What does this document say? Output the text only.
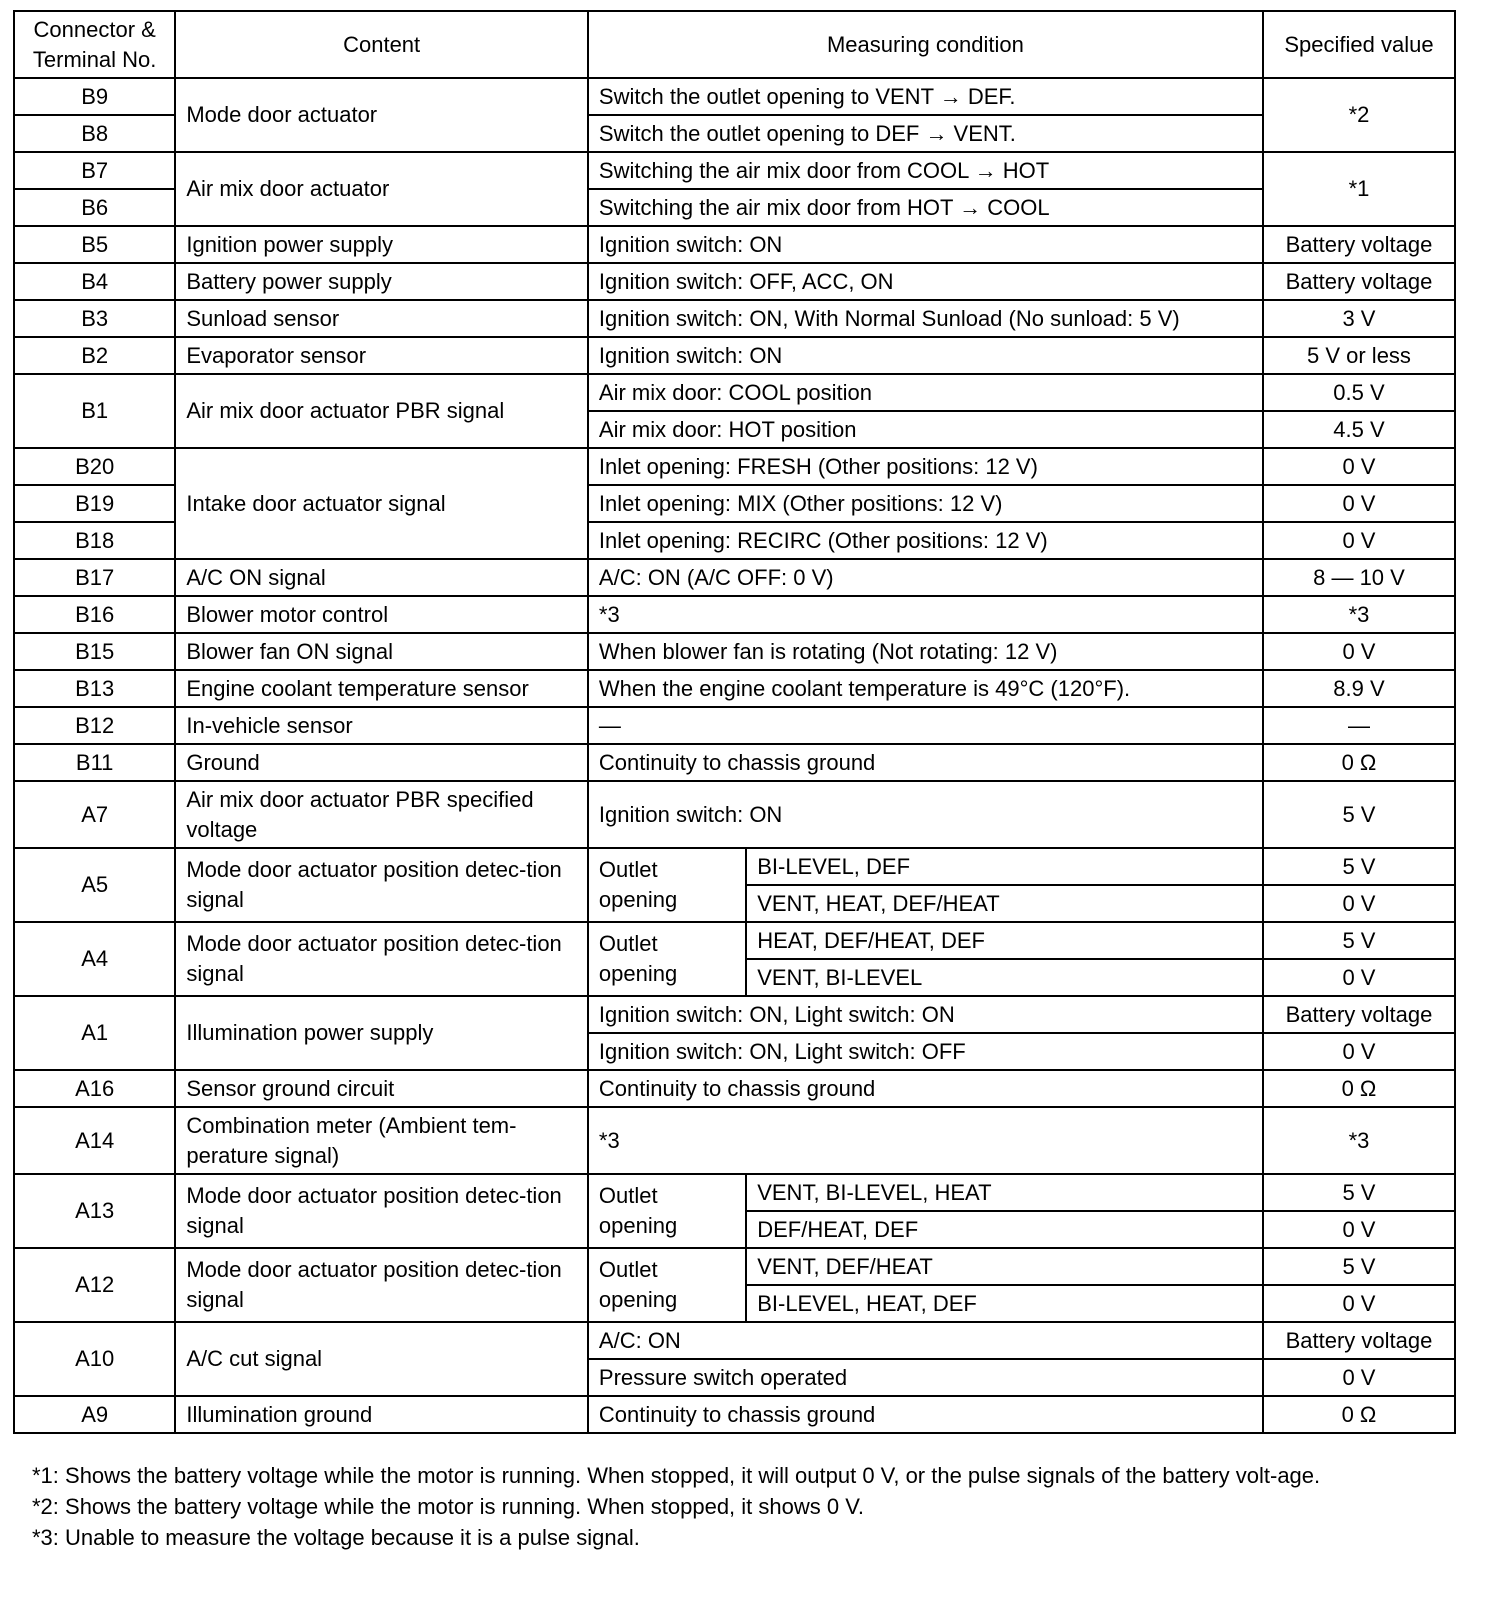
Connector & Terminal No.	Content	Measuring condition		Specified value
B9	Mode door actuator	Switch the outlet opening to VENT → DEF.		*2
B8		Switch the outlet opening to DEF → VENT.		
B7	Air mix door actuator	Switching the air mix door from COOL → HOT		*1
B6		Switching the air mix door from HOT → COOL		
B5	Ignition power supply	Ignition switch: ON		Battery voltage
B4	Battery power supply	Ignition switch: OFF, ACC, ON		Battery voltage
B3	Sunload sensor	Ignition switch: ON, With Normal Sunload (No sunload: 5 V)		3 V
B2	Evaporator sensor	Ignition switch: ON		5 V or less
B1	Air mix door actuator PBR signal	Air mix door: COOL position		0.5 V
		Air mix door: HOT position		4.5 V
B20	Intake door actuator signal	Inlet opening: FRESH (Other positions: 12 V)		0 V
B19		Inlet opening: MIX (Other positions: 12 V)		0 V
B18		Inlet opening: RECIRC (Other positions: 12 V)		0 V
B17	A/C ON signal	A/C: ON (A/C OFF: 0 V)		8 — 10 V
B16	Blower motor control	*3		*3
B15	Blower fan ON signal	When blower fan is rotating (Not rotating: 12 V)		0 V
B13	Engine coolant temperature sensor	When the engine coolant temperature is 49°C (120°F).		8.9 V
B12	In-vehicle sensor	—		—
B11	Ground	Continuity to chassis ground		0 Ω
A7	Air mix door actuator PBR specified voltage	Ignition switch: ON		5 V
A5	Mode door actuator position detec-tion signal	Outlet opening	BI-LEVEL, DEF	5 V
			VENT, HEAT, DEF/HEAT	0 V
A4	Mode door actuator position detec-tion signal	Outlet opening	HEAT, DEF/HEAT, DEF	5 V
			VENT, BI-LEVEL	0 V
A1	Illumination power supply	Ignition switch: ON, Light switch: ON		Battery voltage
		Ignition switch: ON, Light switch: OFF		0 V
A16	Sensor ground circuit	Continuity to chassis ground		0 Ω
A14	Combination meter (Ambient tem-perature signal)	*3		*3
A13	Mode door actuator position detec-tion signal	Outlet opening	VENT, BI-LEVEL, HEAT	5 V
			DEF/HEAT, DEF	0 V
A12	Mode door actuator position detec-tion signal	Outlet opening	VENT, DEF/HEAT	5 V
			BI-LEVEL, HEAT, DEF	0 V
A10	A/C cut signal	A/C: ON		Battery voltage
		Pressure switch operated		0 V
A9	Illumination ground	Continuity to chassis ground		0 Ω

*1: Shows the battery voltage while the motor is running. When stopped, it will output 0 V, or the pulse signals of the battery volt-age.

*2: Shows the battery voltage while the motor is running. When stopped, it shows 0 V.

*3: Unable to measure the voltage because it is a pulse signal.
